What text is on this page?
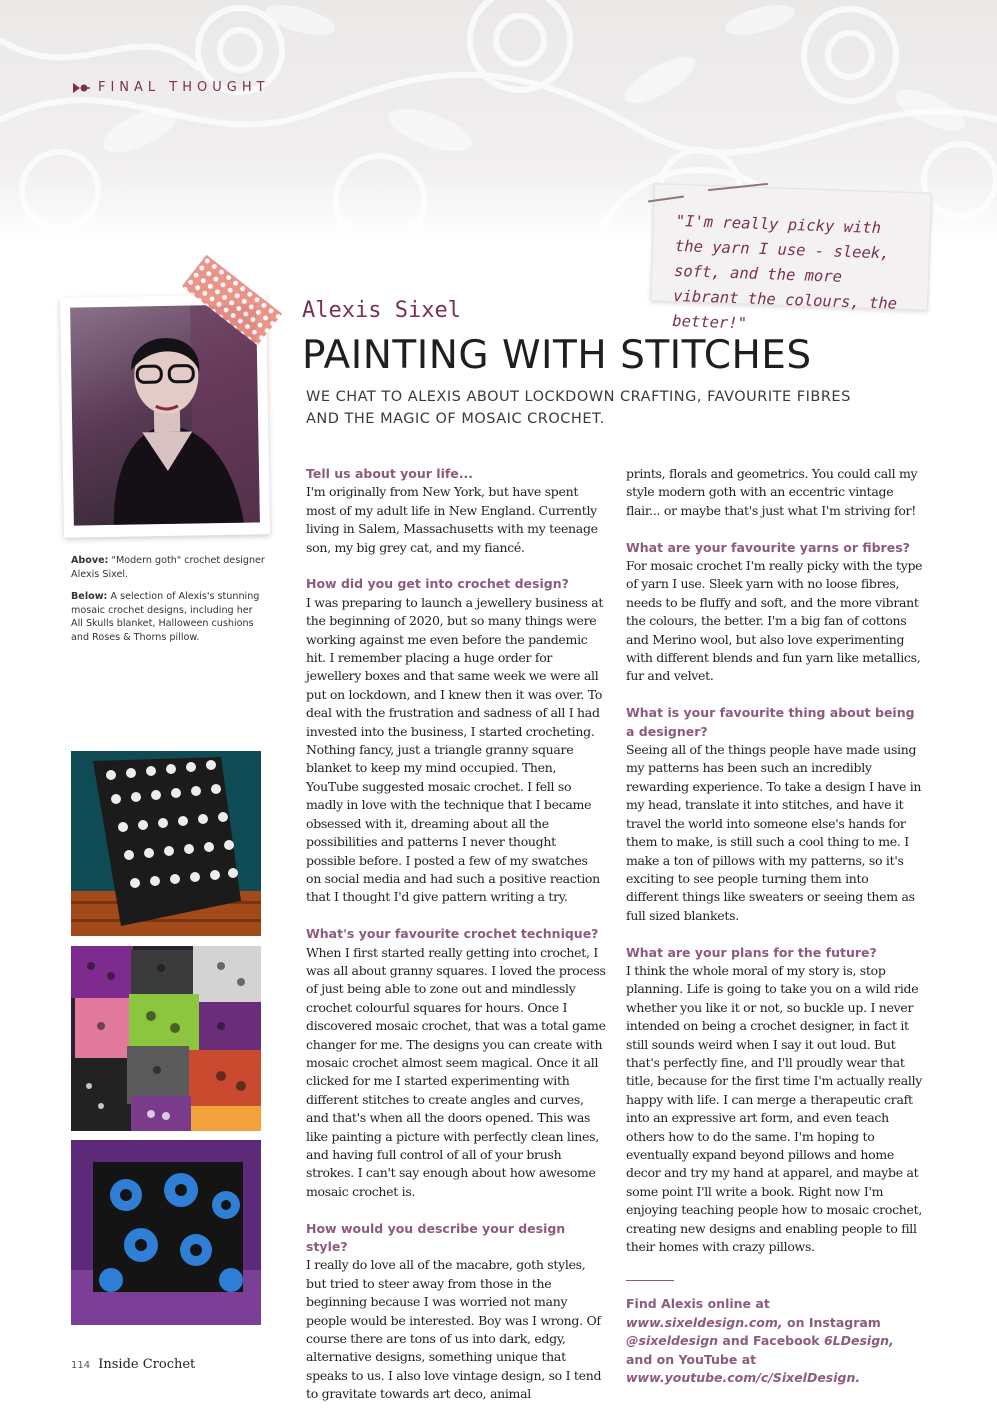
FINAL THOUGHT
"I'm really picky with the yarn I use - sleek, soft, and the more vibrant the colours, the better!"
Above: "Modern goth" crochet designer Alexis Sixel.
Below: A selection of Alexis's stunning mosaic crochet designs, including her All Skulls blanket, Halloween cushions and Roses & Thorns pillow.
Alexis Sixel
PAINTING WITH STITCHES
WE CHAT TO ALEXIS ABOUT LOCKDOWN CRAFTING, FAVOURITE FIBRES AND THE MAGIC OF MOSAIC CROCHET.
Tell us about your life...

I'm originally from New York, but have spent most of my adult life in New England. Currently living in Salem, Massachusetts with my teenage son, my big grey cat, and my fiancé.

How did you get into crochet design?

I was preparing to launch a jewellery business at the beginning of 2020, but so many things were working against me even before the pandemic hit. I remember placing a huge order for jewellery boxes and that same week we were all put on lockdown, and I knew then it was over. To deal with the frustration and sadness of all I had invested into the business, I started crocheting. Nothing fancy, just a triangle granny square blanket to keep my mind occupied. Then, YouTube suggested mosaic crochet. I fell so madly in love with the technique that I became obsessed with it, dreaming about all the possibilities and patterns I never thought possible before. I posted a few of my swatches on social media and had such a positive reaction that I thought I'd give pattern writing a try.

What's your favourite crochet technique?

When I first started really getting into crochet, I was all about granny squares. I loved the process of just being able to zone out and mindlessly crochet colourful squares for hours. Once I discovered mosaic crochet, that was a total game changer for me. The designs you can create with mosaic crochet almost seem magical. Once it all clicked for me I started experimenting with different stitches to create angles and curves, and that's when all the doors opened. This was like painting a picture with perfectly clean lines, and having full control of all of your brush strokes. I can't say enough about how awesome mosaic crochet is.

How would you describe your design style?

I really do love all of the macabre, goth styles, but tried to steer away from those in the beginning because I was worried not many people would be interested. Boy was I wrong. Of course there are tons of us into dark, edgy, alternative designs, something unique that speaks to us. I also love vintage design, so I tend to gravitate towards art deco, animal

prints, florals and geometrics. You could call my style modern goth with an eccentric vintage flair... or maybe that's just what I'm striving for!

What are your favourite yarns or fibres?

For mosaic crochet I'm really picky with the type of yarn I use. Sleek yarn with no loose fibres, needs to be fluffy and soft, and the more vibrant the colours, the better. I'm a big fan of cottons and Merino wool, but also love experimenting with different blends and fun yarn like metallics, fur and velvet.

What is your favourite thing about being a designer?

Seeing all of the things people have made using my patterns has been such an incredibly rewarding experience. To take a design I have in my head, translate it into stitches, and have it travel the world into someone else's hands for them to make, is still such a cool thing to me. I make a ton of pillows with my patterns, so it's exciting to see people turning them into different things like sweaters or seeing them as full sized blankets.

What are your plans for the future?

I think the whole moral of my story is, stop planning. Life is going to take you on a wild ride whether you like it or not, so buckle up. I never intended on being a crochet designer, in fact it still sounds weird when I say it out loud. But that's perfectly fine, and I'll proudly wear that title, because for the first time I'm actually really happy with life. I can merge a therapeutic craft into an expressive art form, and even teach others how to do the same. I'm hoping to eventually expand beyond pillows and home decor and try my hand at apparel, and maybe at some point I'll write a book. Right now I'm enjoying teaching people how to mosaic crochet, creating new designs and enabling people to fill their homes with crazy pillows.

Find Alexis online at www.sixeldesign.com, on Instagram @sixeldesign and Facebook 6LDesign, and on YouTube at www.youtube.com/c/SixelDesign.
114 Inside Crochet
